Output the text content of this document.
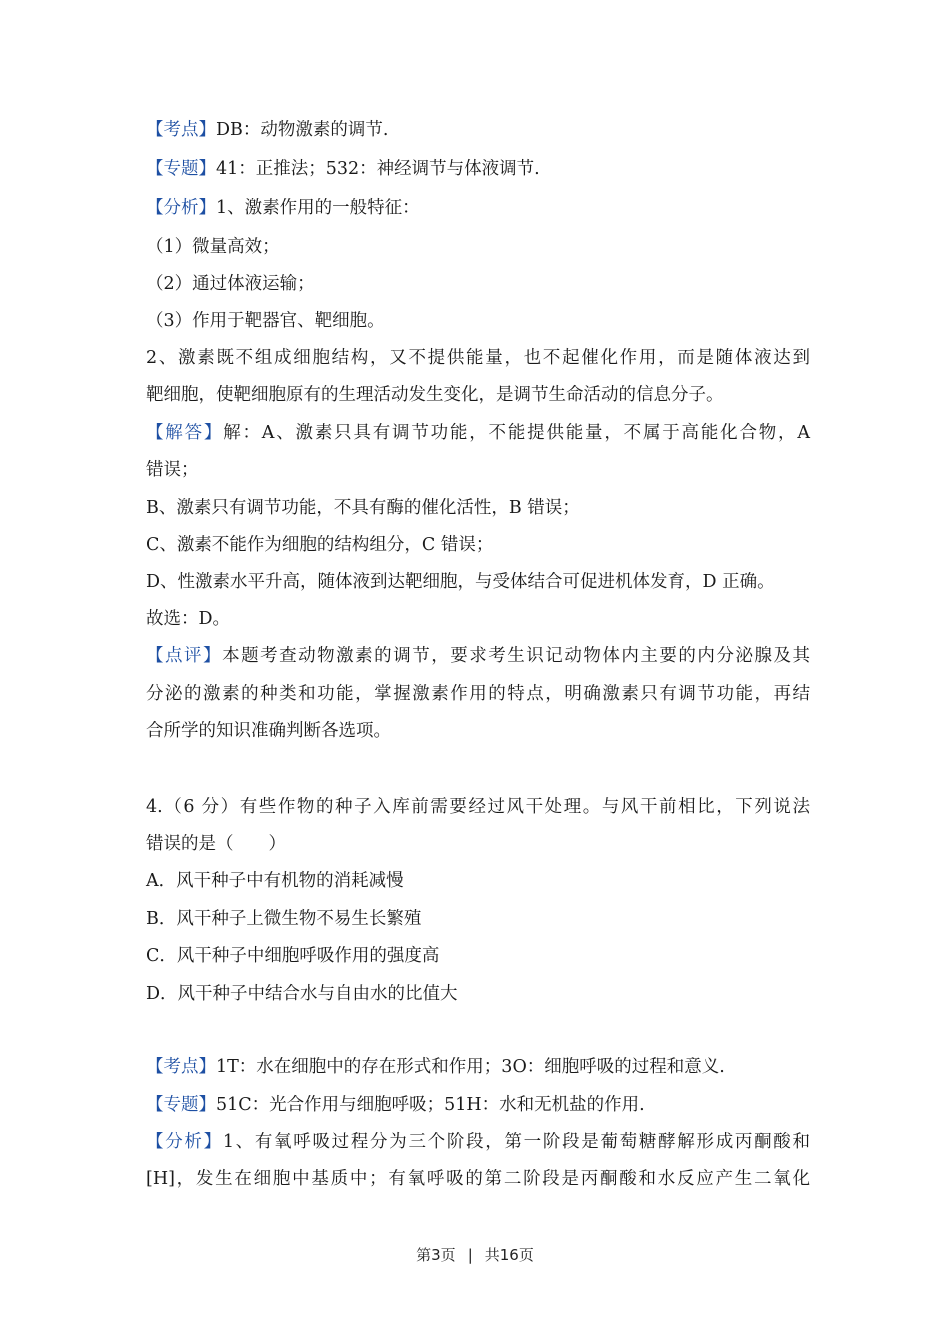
【考点】DB：动物激素的调节.
【专题】41：正推法；532：神经调节与体液调节.
【分析】1、激素作用的一般特征：
（1）微量高效；
（2）通过体液运输；
（3）作用于靶器官、靶细胞。
2、激素既不组成细胞结构，又不提供能量，也不起催化作用，而是随体液达到
靶细胞，使靶细胞原有的生理活动发生变化，是调节生命活动的信息分子。
【解答】解：A、激素只具有调节功能，不能提供能量，不属于高能化合物，A
错误；
B、激素只有调节功能，不具有酶的催化活性，B 错误；
C、激素不能作为细胞的结构组分，C 错误；
D、性激素水平升高，随体液到达靶细胞，与受体结合可促进机体发育，D 正确。
故选：D。
【点评】本题考查动物激素的调节，要求考生识记动物体内主要的内分泌腺及其
分泌的激素的种类和功能，掌握激素作用的特点，明确激素只有调节功能，再结
合所学的知识准确判断各选项。
4.（6 分）有些作物的种子入库前需要经过风干处理。与风干前相比，下列说法
错误的是（　　）
A．风干种子中有机物的消耗减慢
B．风干种子上微生物不易生长繁殖
C．风干种子中细胞呼吸作用的强度高
D．风干种子中结合水与自由水的比值大
【考点】1T：水在细胞中的存在形式和作用；3O：细胞呼吸的过程和意义.
【专题】51C：光合作用与细胞呼吸；51H：水和无机盐的作用.
【分析】1、有氧呼吸过程分为三个阶段，第一阶段是葡萄糖酵解形成丙酮酸和
[H]，发生在细胞中基质中；有氧呼吸的第二阶段是丙酮酸和水反应产生二氧化
第3页 | 共16页
